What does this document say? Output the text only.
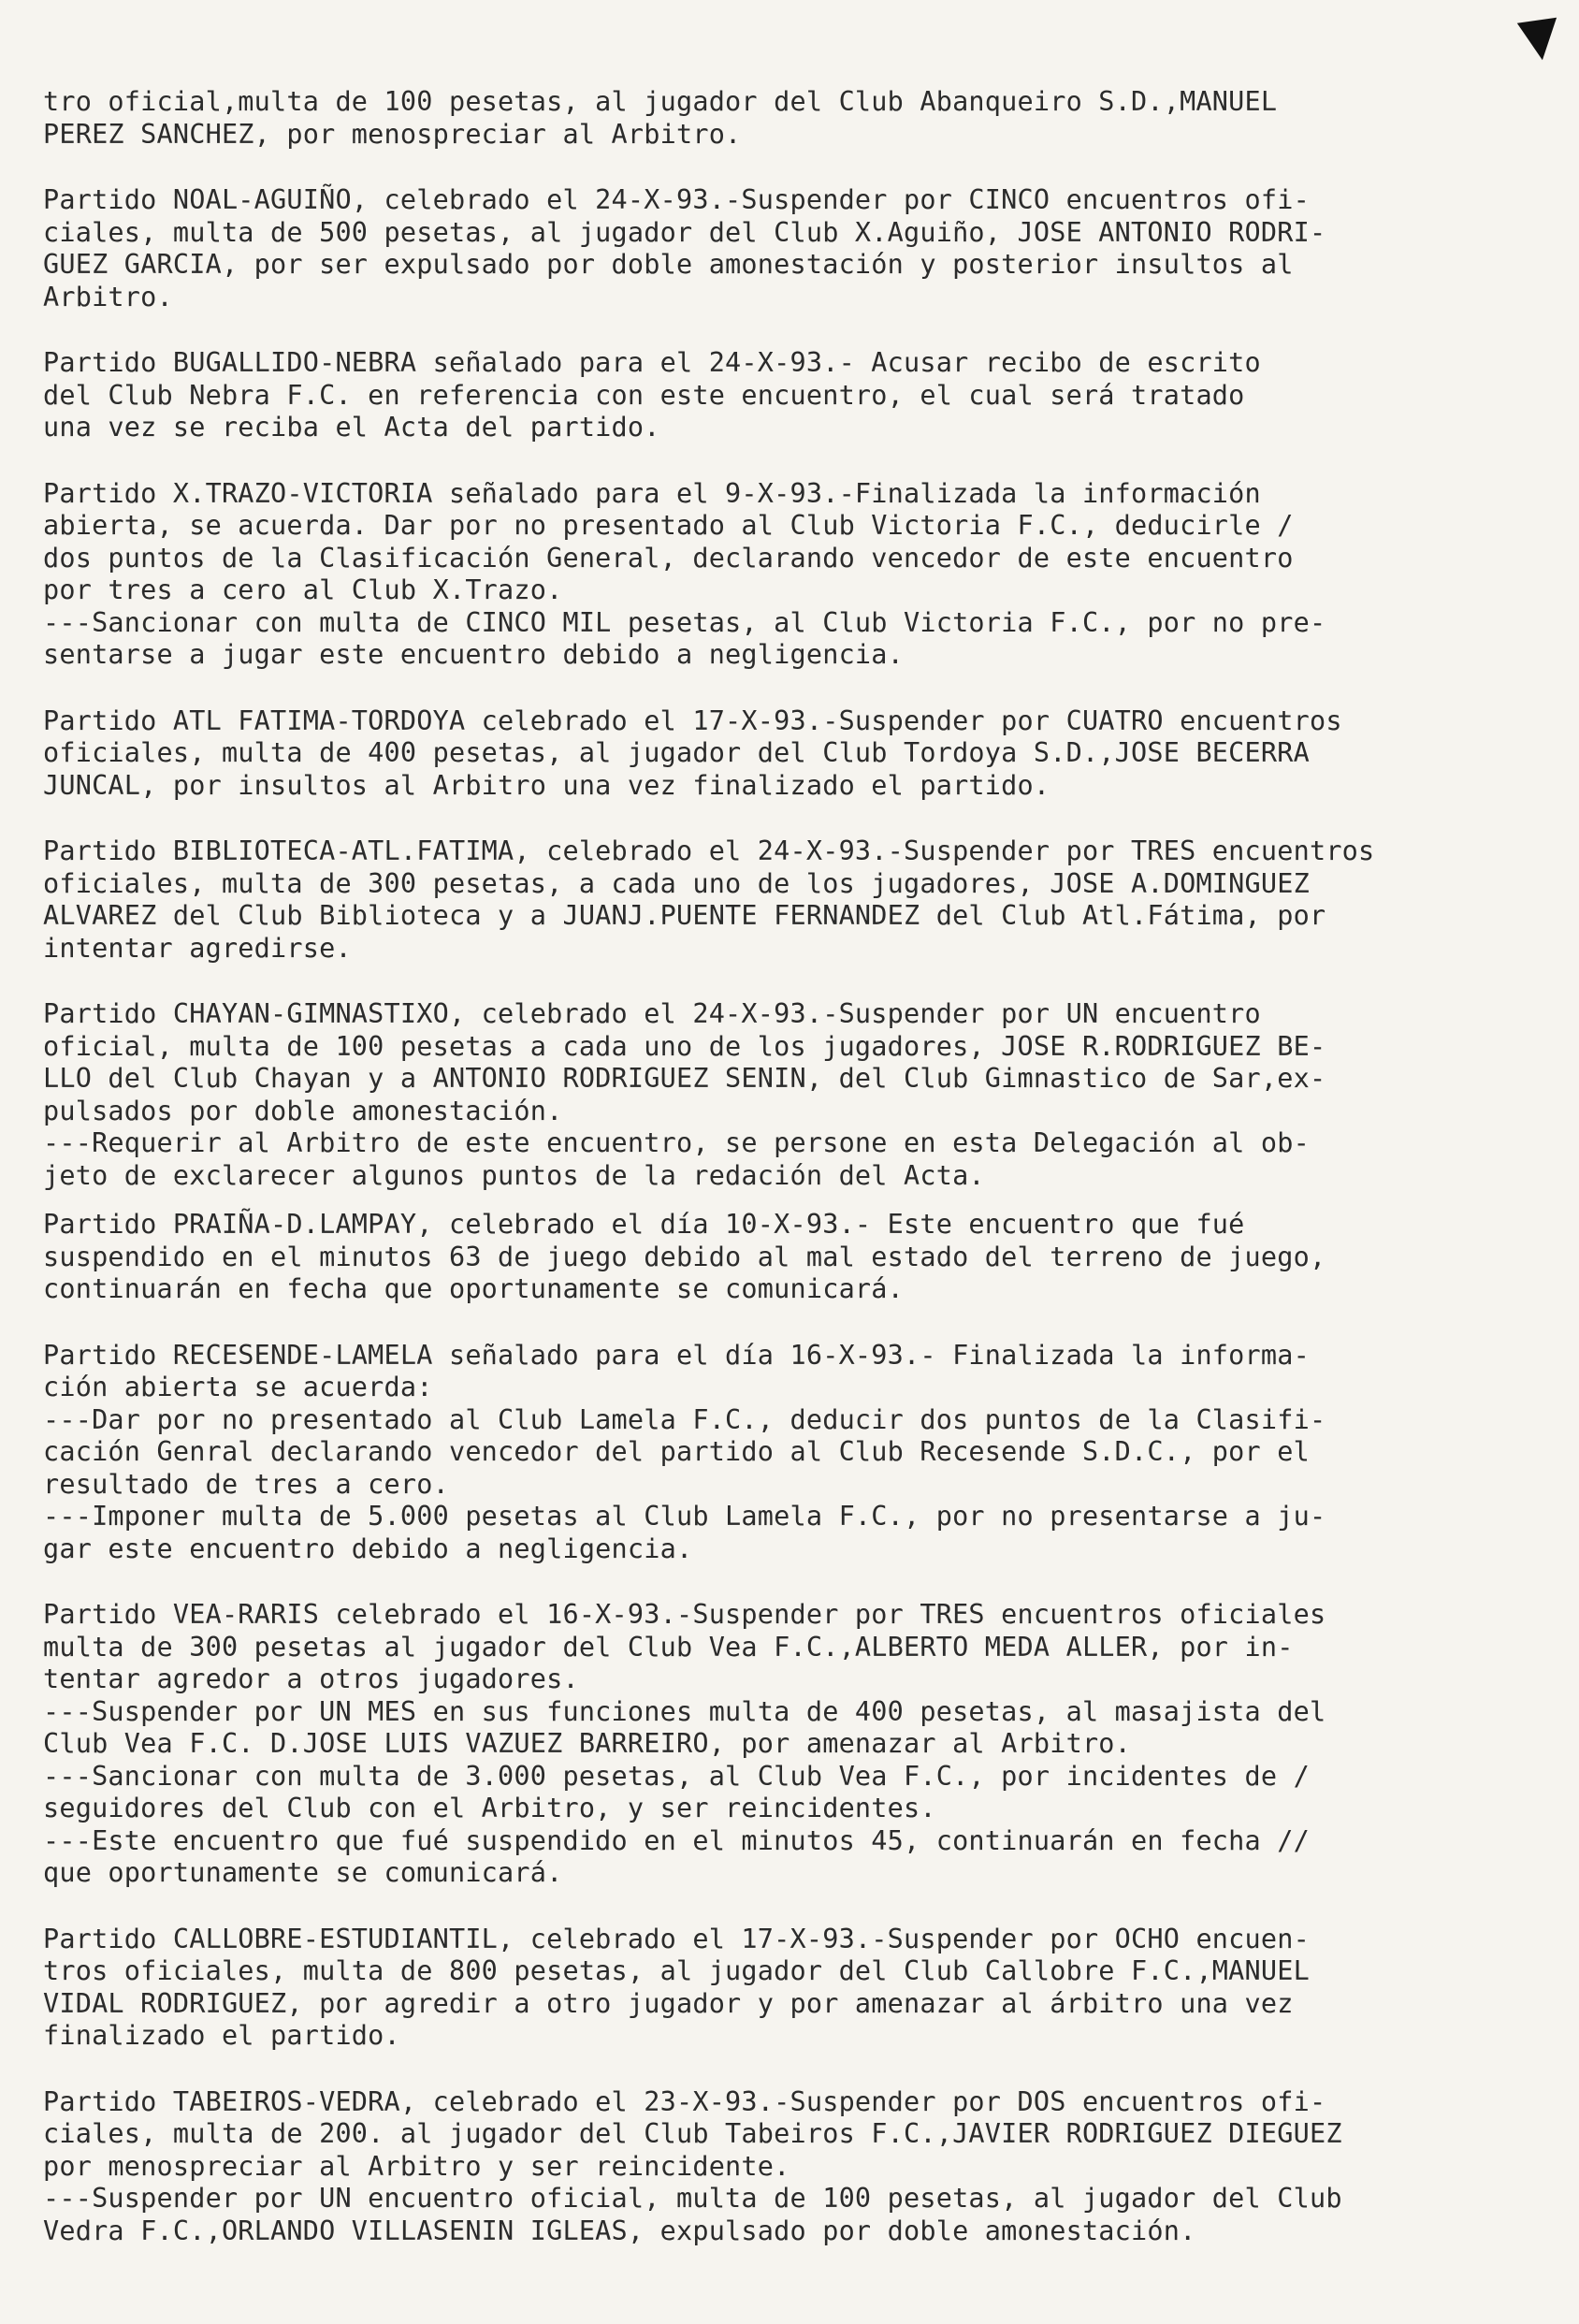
▼

tro oficial,multa de 100 pesetas, al jugador del Club Abanqueiro S.D.,MANUEL
PEREZ SANCHEZ, por menospreciar al Arbitro.

Partido NOAL-AGUIÑO, celebrado el 24-X-93.-Suspender por CINCO encuentros ofi-
ciales, multa de 500 pesetas, al jugador del Club X.Aguiño, JOSE ANTONIO RODRI-
GUEZ GARCIA, por ser expulsado por doble amonestación y posterior insultos al
Arbitro.

Partido BUGALLIDO-NEBRA señalado para el 24-X-93.- Acusar recibo de escrito
del Club Nebra F.C. en referencia con este encuentro, el cual será tratado
una vez se reciba el Acta del partido.

Partido X.TRAZO-VICTORIA señalado para el 9-X-93.-Finalizada la información
abierta, se acuerda. Dar por no presentado al Club Victoria F.C., deducirle /
dos puntos de la Clasificación General, declarando vencedor de este encuentro
por tres a cero al Club X.Trazo.
---Sancionar con multa de CINCO MIL pesetas, al Club Victoria F.C., por no pre-
sentarse a jugar este encuentro debido a negligencia.

Partido ATL FATIMA-TORDOYA celebrado el 17-X-93.-Suspender por CUATRO encuentros
oficiales, multa de 400 pesetas, al jugador del Club Tordoya S.D.,JOSE BECERRA
JUNCAL, por insultos al Arbitro una vez finalizado el partido.

Partido BIBLIOTECA-ATL.FATIMA, celebrado el 24-X-93.-Suspender por TRES encuentros
oficiales, multa de 300 pesetas, a cada uno de los jugadores, JOSE A.DOMINGUEZ
ALVAREZ del Club Biblioteca y a JUANJ.PUENTE FERNANDEZ del Club Atl.Fátima, por
intentar agredirse.

Partido CHAYAN-GIMNASTIXO, celebrado el 24-X-93.-Suspender por UN encuentro
oficial, multa de 100 pesetas a cada uno de los jugadores, JOSE R.RODRIGUEZ BE-
LLO del Club Chayan y a ANTONIO RODRIGUEZ SENIN, del Club Gimnastico de Sar,ex-
pulsados por doble amonestación.
---Requerir al Arbitro de este encuentro, se persone en esta Delegación al ob-
jeto de exclarecer algunos puntos de la redación del Acta.

Partido PRAIÑA-D.LAMPAY, celebrado el día 10-X-93.- Este encuentro que fué
suspendido en el minutos 63 de juego debido al mal estado del terreno de juego,
continuarán en fecha que oportunamente se comunicará.

Partido RECESENDE-LAMELA señalado para el día 16-X-93.- Finalizada la informa-
ción abierta se acuerda:
---Dar por no presentado al Club Lamela F.C., deducir dos puntos de la Clasifi-
cación Genral declarando vencedor del partido al Club Recesende S.D.C., por el
resultado de tres a cero.
---Imponer multa de 5.000 pesetas al Club Lamela F.C., por no presentarse a ju-
gar este encuentro debido a negligencia.

Partido VEA-RARIS celebrado el 16-X-93.-Suspender por TRES encuentros oficiales
multa de 300 pesetas al jugador del Club Vea F.C.,ALBERTO MEDA ALLER, por in-
tentar agredor a otros jugadores.
---Suspender por UN MES en sus funciones multa de 400 pesetas, al masajista del
Club Vea F.C. D.JOSE LUIS VAZUEZ BARREIRO, por amenazar al Arbitro.
---Sancionar con multa de 3.000 pesetas, al Club Vea F.C., por incidentes de /
seguidores del Club con el Arbitro, y ser reincidentes.
---Este encuentro que fué suspendido en el minutos 45, continuarán en fecha //
que oportunamente se comunicará.

Partido CALLOBRE-ESTUDIANTIL, celebrado el 17-X-93.-Suspender por OCHO encuen-
tros oficiales, multa de 800 pesetas, al jugador del Club Callobre F.C.,MANUEL
VIDAL RODRIGUEZ, por agredir a otro jugador y por amenazar al árbitro una vez
finalizado el partido.

Partido TABEIROS-VEDRA, celebrado el 23-X-93.-Suspender por DOS encuentros ofi-
ciales, multa de 200. al jugador del Club Tabeiros F.C.,JAVIER RODRIGUEZ DIEGUEZ
por menospreciar al Arbitro y ser reincidente.
---Suspender por UN encuentro oficial, multa de 100 pesetas, al jugador del Club
Vedra F.C.,ORLANDO VILLASENIN IGLEAS, expulsado por doble amonestación.
